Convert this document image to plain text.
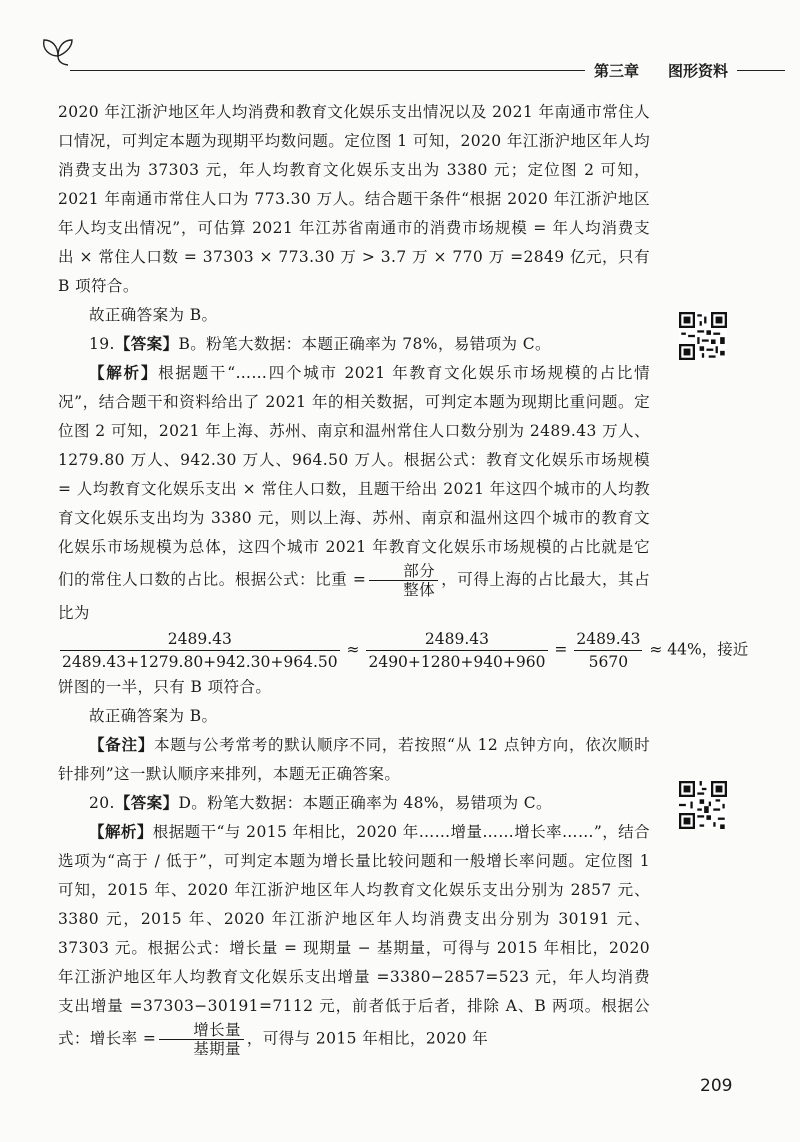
第三章	图形资料

2020 年江浙沪地区年人均消费和教育文化娱乐支出情况以及 2021 年南通市常住人口情况，可判定本题为现期平均数问题。定位图 1 可知，2020 年江浙沪地区年人均消费支出为 37303 元，年人均教育文化娱乐支出为 3380 元；定位图 2 可知，2021 年南通市常住人口为 773.30 万人。结合题干条件“根据 2020 年江浙沪地区年人均支出情况”，可估算 2021 年江苏省南通市的消费市场规模 = 年人均消费支出 × 常住人口数 = 37303 × 773.30 万 > 3.7 万 × 770 万 =2849 亿元，只有 B 项符合。

故正确答案为 B。

19.【答案】B。粉笔大数据：本题正确率为 78%，易错项为 C。

【解析】根据题干“……四个城市 2021 年教育文化娱乐市场规模的占比情况”，结合题干和资料给出了 2021 年的相关数据，可判定本题为现期比重问题。定位图 2 可知，2021 年上海、苏州、南京和温州常住人口数分别为 2489.43 万人、1279.80 万人、942.30 万人、964.50 万人。根据公式：教育文化娱乐市场规模 = 人均教育文化娱乐支出 × 常住人口数，且题干给出 2021 年这四个城市的人均教育文化娱乐支出均为 3380 元，则以上海、苏州、南京和温州这四个城市的教育文化娱乐市场规模为总体，这四个城市 2021 年教育文化娱乐市场规模的占比就是它们的常住人口数的占比。根据公式：比重 = $\frac{\text{部分}}{\text{整体}}$ ，可得上海的占比最大，其占比为

$\frac{2489.43}{2489.43+1279.80+942.30+964.50} \approx \frac{2489.43}{2490+1280+940+960} = \frac{2489.43}{5670} \approx 44\%$，接近

饼图的一半，只有 B 项符合。

故正确答案为 B。

【备注】本题与公考常考的默认顺序不同，若按照“从 12 点钟方向，依次顺时针排列”这一默认顺序来排列，本题无正确答案。

20.【答案】D。粉笔大数据：本题正确率为 48%，易错项为 C。

【解析】根据题干“与 2015 年相比，2020 年……增量……增长率……”，结合选项为“高于 / 低于”，可判定本题为增长量比较问题和一般增长率问题。定位图 1 可知，2015 年、2020 年江浙沪地区年人均教育文化娱乐支出分别为 2857 元、3380 元，2015 年、2020 年江浙沪地区年人均消费支出分别为 30191 元、37303 元。根据公式：增长量 = 现期量 − 基期量，可得与 2015 年相比，2020 年江浙沪地区年人均教育文化娱乐支出增量 =3380−2857=523 元，年人均消费支出增量 =37303−30191=7112 元，前者低于后者，排除 A、B 两项。根据公式：增长率 = $\frac{\text{增长量}}{\text{基期量}}$ ，可得与 2015 年相比，2020 年

209
